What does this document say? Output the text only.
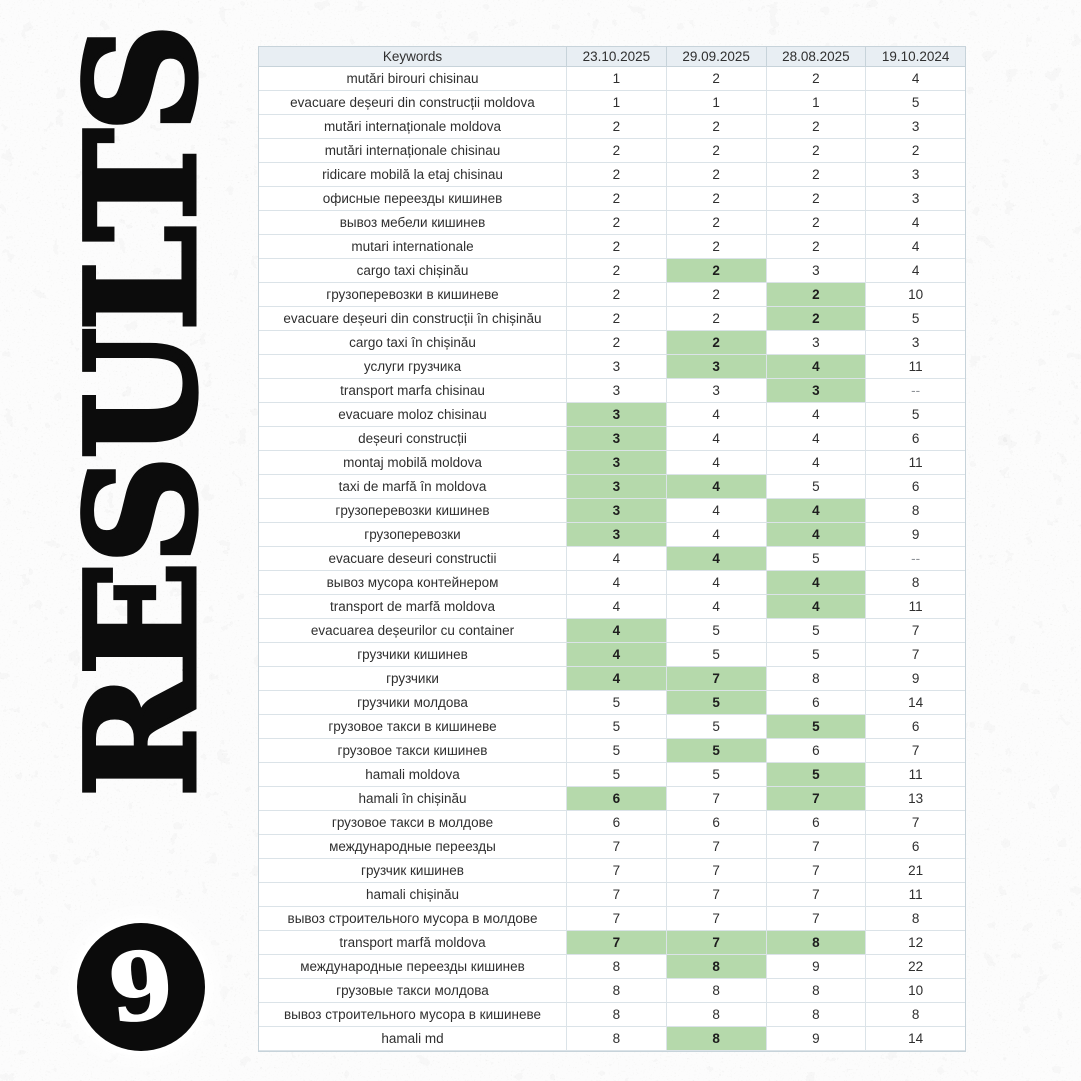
RESULTS
9
Keywords	23.10.2025	29.09.2025	28.08.2025	19.10.2024
mutări birouri chisinau	1	2	2	4
evacuare deșeuri din construcții moldova	1	1	1	5
mutări internaționale moldova	2	2	2	3
mutări internaționale chisinau	2	2	2	2
ridicare mobilă la etaj chisinau	2	2	2	3
офисные переезды кишинев	2	2	2	3
вывоз мебели кишинев	2	2	2	4
mutari internationale	2	2	2	4
cargo taxi chișinău	2	2	3	4
грузоперевозки в кишиневе	2	2	2	10
evacuare deșeuri din construcții în chișinău	2	2	2	5
cargo taxi în chișinău	2	2	3	3
услуги грузчика	3	3	4	11
transport marfa chisinau	3	3	3	--
evacuare moloz chisinau	3	4	4	5
deșeuri construcții	3	4	4	6
montaj mobilă moldova	3	4	4	11
taxi de marfă în moldova	3	4	5	6
грузоперевозки кишинев	3	4	4	8
грузоперевозки	3	4	4	9
evacuare deseuri constructii	4	4	5	--
вывоз мусора контейнером	4	4	4	8
transport de marfă moldova	4	4	4	11
evacuarea deșeurilor cu container	4	5	5	7
грузчики кишинев	4	5	5	7
грузчики	4	7	8	9
грузчики молдова	5	5	6	14
грузовое такси в кишиневе	5	5	5	6
грузовое такси кишинев	5	5	6	7
hamali moldova	5	5	5	11
hamali în chișinău	6	7	7	13
грузовое такси в молдове	6	6	6	7
международные переезды	7	7	7	6
грузчик кишинев	7	7	7	21
hamali chișinău	7	7	7	11
вывоз строительного мусора в молдове	7	7	7	8
transport marfă moldova	7	7	8	12
международные переезды кишинев	8	8	9	22
грузовые такси молдова	8	8	8	10
вывоз строительного мусора в кишиневе	8	8	8	8
hamali md	8	8	9	14
